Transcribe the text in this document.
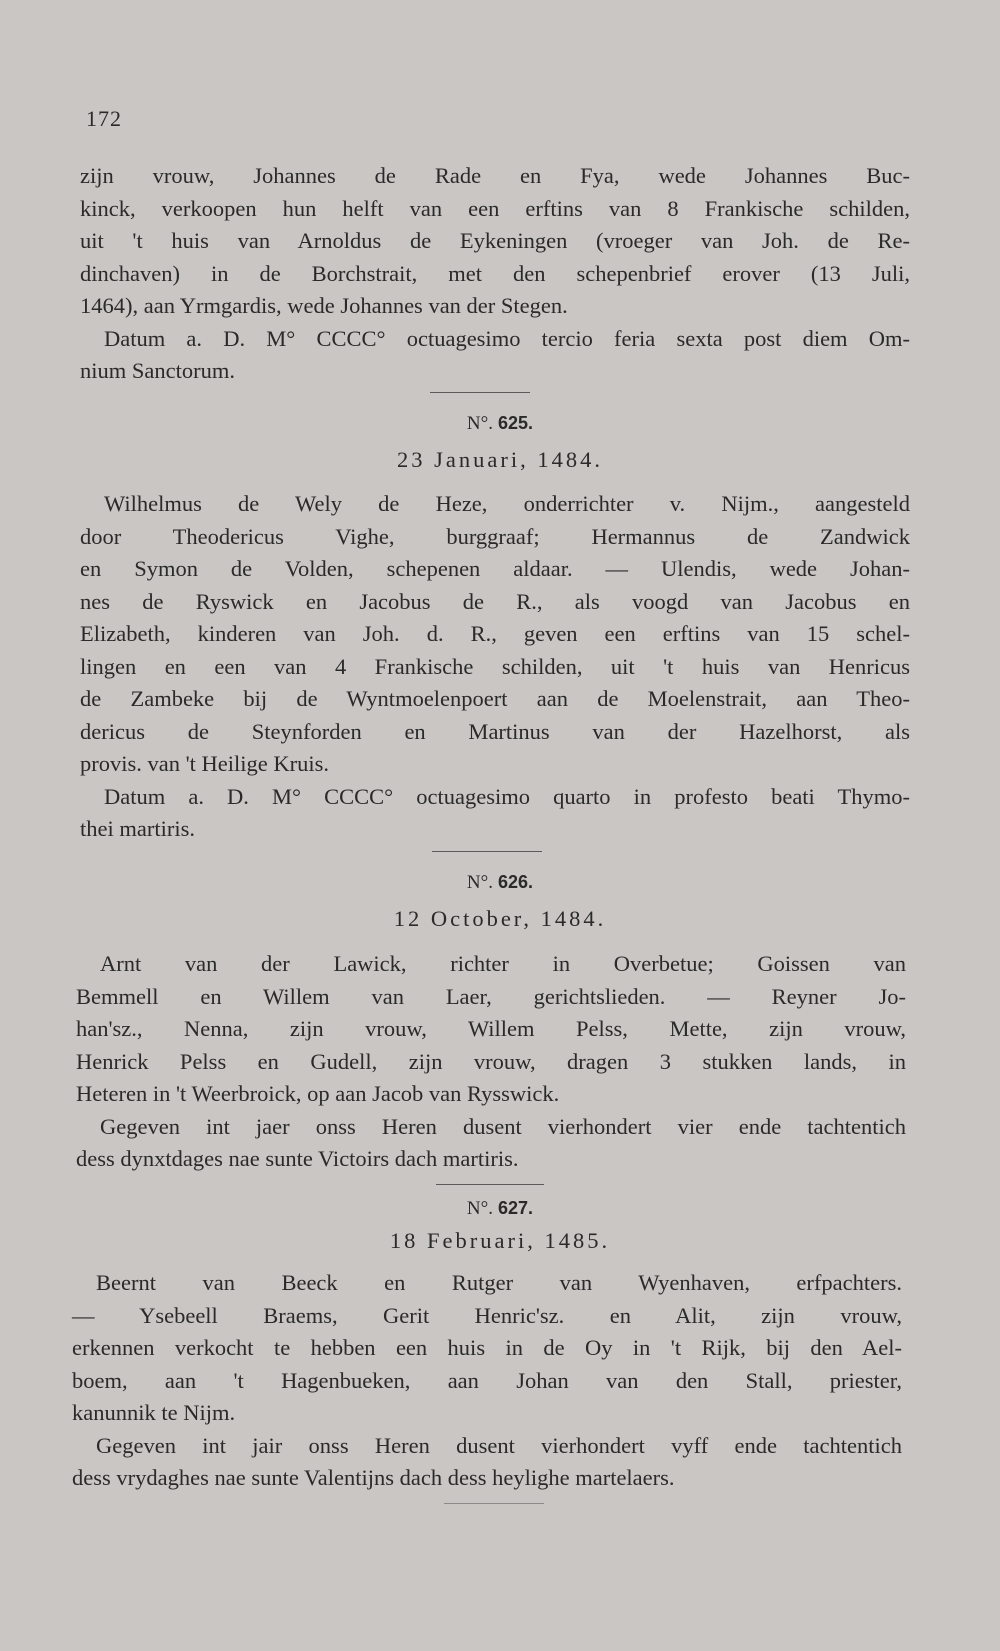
172

zijn vrouw, Johannes de Rade en Fya, wede Johannes Buc-

kinck, verkoopen hun helft van een erftins van 8 Frankische schilden,

uit 't huis van Arnoldus de Eykeningen (vroeger van Joh. de Re-

dinchaven) in de Borchstrait, met den schepenbrief erover (13 Juli,

1464), aan Yrmgardis, wede Johannes van der Stegen.

Datum a. D. M° CCCC° octuagesimo tercio feria sexta post diem Om-

nium Sanctorum.

N°. 625.
23 Januari, 1484.

Wilhelmus de Wely de Heze, onderrichter v. Nijm., aangesteld

door Theodericus Vighe, burggraaf; Hermannus de Zandwick

en Symon de Volden, schepenen aldaar. — Ulendis, wede Johan-

nes de Ryswick en Jacobus de R., als voogd van Jacobus en

Elizabeth, kinderen van Joh. d. R., geven een erftins van 15 schel-

lingen en een van 4 Frankische schilden, uit 't huis van Henricus

de Zambeke bij de Wyntmoelenpoert aan de Moelenstrait, aan Theo-

dericus de Steynforden en Martinus van der Hazelhorst, als

provis. van 't Heilige Kruis.

Datum a. D. M° CCCC° octuagesimo quarto in profesto beati Thymo-

thei martiris.

N°. 626.
12 October, 1484.

Arnt van der Lawick, richter in Overbetue; Goissen van

Bemmell en Willem van Laer, gerichtslieden. — Reyner Jo-

han'sz., Nenna, zijn vrouw, Willem Pelss, Mette, zijn vrouw,

Henrick Pelss en Gudell, zijn vrouw, dragen 3 stukken lands, in

Heteren in 't Weerbroick, op aan Jacob van Rysswick.

Gegeven int jaer onss Heren dusent vierhondert vier ende tachtentich

dess dynxtdages nae sunte Victoirs dach martiris.

N°. 627.
18 Februari, 1485.

Beernt van Beeck en Rutger van Wyenhaven, erfpachters.

— Ysebeell Braems, Gerit Henric'sz. en Alit, zijn vrouw,

erkennen verkocht te hebben een huis in de Oy in 't Rijk, bij den Ael-

boem, aan 't Hagenbueken, aan Johan van den Stall, priester,

kanunnik te Nijm.

Gegeven int jair onss Heren dusent vierhondert vyff ende tachtentich

dess vrydaghes nae sunte Valentijns dach dess heylighe martelaers.
